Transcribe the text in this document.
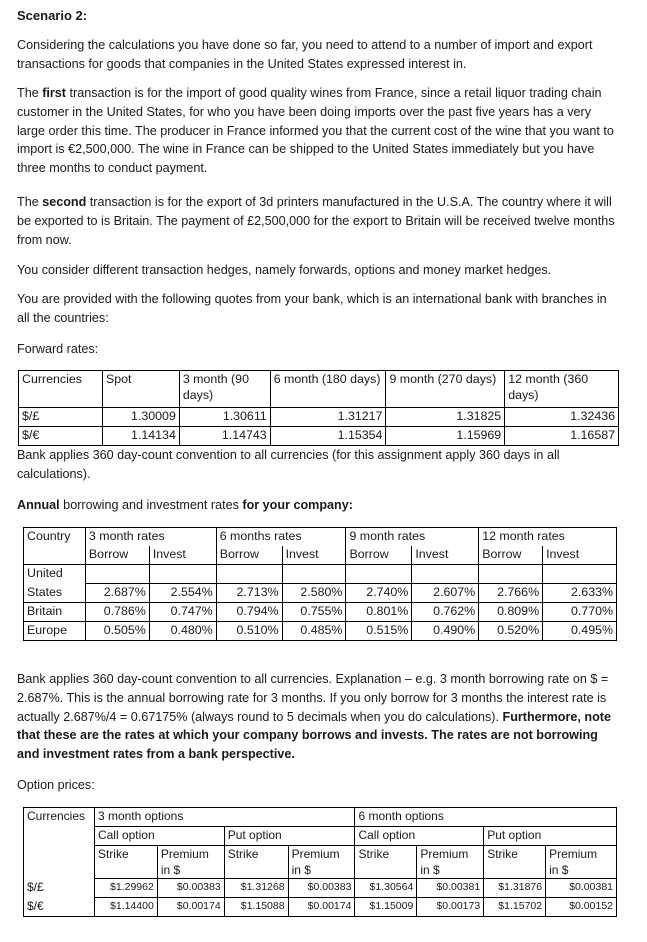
Scenario 2:
Considering the calculations you have done so far, you need to attend to a number of import and export transactions for goods that companies in the United States expressed interest in.
The first transaction is for the import of good quality wines from France, since a retail liquor trading chain customer in the United States, for who you have been doing imports over the past five years has a very large order this time. The producer in France informed you that the current cost of the wine that you want to import is €2,500,000. The wine in France can be shipped to the United States immediately but you have three months to conduct payment.
The second transaction is for the export of 3d printers manufactured in the U.S.A. The country where it will be exported to is Britain. The payment of £2,500,000 for the export to Britain will be received twelve months from now.
You consider different transaction hedges, namely forwards, options and money market hedges.
You are provided with the following quotes from your bank, which is an international bank with branches in all the countries:
Forward rates:
Currencies	Spot	3 month (90 days)	6 month (180 days)	9 month (270 days)	12 month (360 days)
$/£	1.30009	1.30611	1.31217	1.31825	1.32436
$/€	1.14134	1.14743	1.15354	1.15969	1.16587
Bank applies 360 day-count convention to all currencies (for this assignment apply 360 days in all calculations).
Annual borrowing and investment rates for your company:
Country	3 month rates		6 months rates		9 month rates		12 month rates	
	Borrow	Invest	Borrow	Invest	Borrow	Invest	Borrow	Invest
United								
States	2.687%	2.554%	2.713%	2.580%	2.740%	2.607%	2.766%	2.633%
Britain	0.786%	0.747%	0.794%	0.755%	0.801%	0.762%	0.809%	0.770%
Europe	0.505%	0.480%	0.510%	0.485%	0.515%	0.490%	0.520%	0.495%
Bank applies 360 day-count convention to all currencies. Explanation – e.g. 3 month borrowing rate on $ = 2.687%. This is the annual borrowing rate for 3 months. If you only borrow for 3 months the interest rate is actually 2.687%/4 = 0.67175% (always round to 5 decimals when you do calculations). Furthermore, note that these are the rates at which your company borrows and invests. The rates are not borrowing and investment rates from a bank perspective.
Option prices:
Currencies	3 month options				6 month options			
	Call option		Put option		Call option		Put option	
	Strike	Premium
in $	Strike	Premium
in $	Strike	Premium
in $	Strike	Premium
in $
$/£	$1.29962	$0.00383	$1.31268	$0.00383	$1.30564	$0.00381	$1.31876	$0.00381
$/€	$1.14400	$0.00174	$1.15088	$0.00174	$1.15009	$0.00173	$1.15702	$0.00152
